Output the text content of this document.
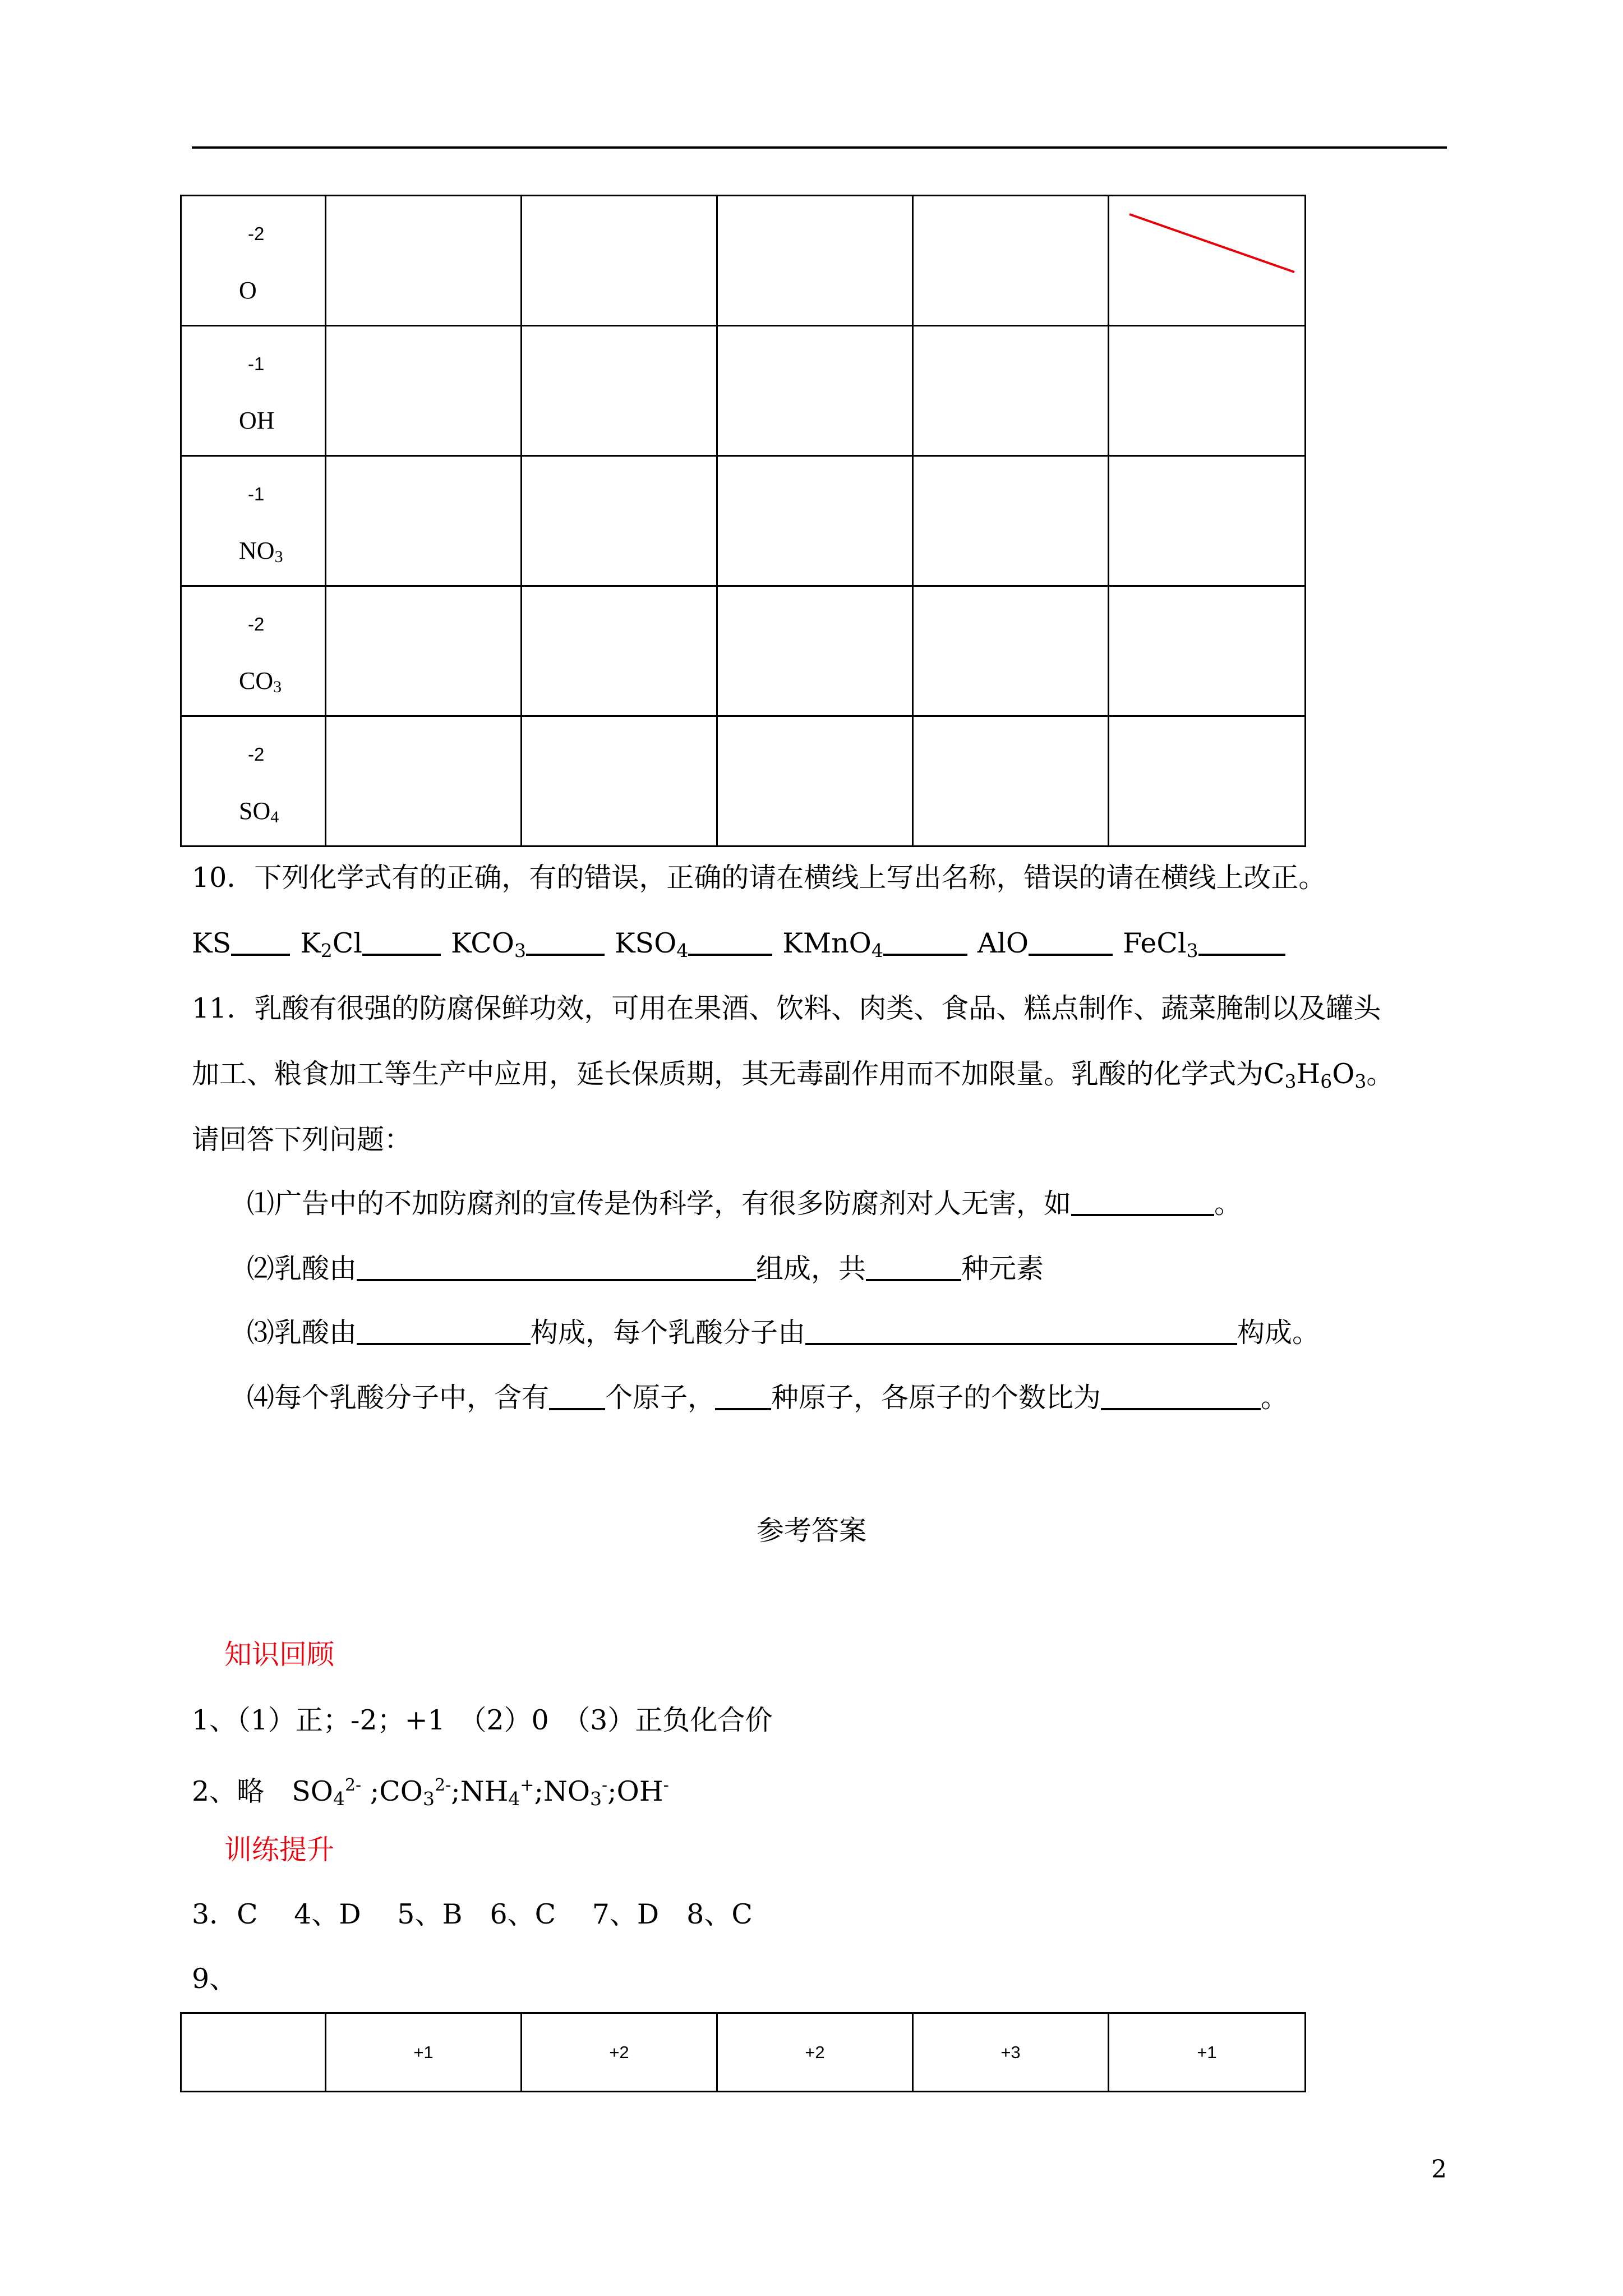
-2
O

-1
OH					

-1
$NO_3$

-2
$CO_3$

-2
$SO_4$

10．下列化学式有的正确，有的错误，正确的请在横线上写出名称，错误的请在横线上改正。
KS	$K_2Cl$	$KCO_3$	$KSO_4$	KMnO$_4$	AlO	FeCl$_3$
11．乳酸有很强的防腐保鲜功效，可用在果酒、饮料、肉类、食品、糕点制作、蔬菜腌制以及罐头
加工、粮食加工等生产中应用，延长保质期，其无毒副作用而不加限量。乳酸的化学式为$C_3H_6O_3$。
请回答下列问题：
⑴广告中的不加防腐剂的宣传是伪科学，有很多防腐剂对人无害，如	。
⑵乳酸由	组成，共	种元素
⑶乳酸由	构成，每个乳酸分子由	构成。
⑷每个乳酸分子中，含有 个原子， 种原子，各原子的个数比为	。
参考答案
知识回顾
1、（1）正；-2；+1　（2）0　（3）正负化合价
2、略　$SO_4^{2-}$ $;CO_3^{2-};NH_4^+;NO_3^-;OH^-$
训练提升
3．C　 4、D　 5、B　6、C　 7、D　8、C
9、
	+1	+2	+2	+3	+1
2
